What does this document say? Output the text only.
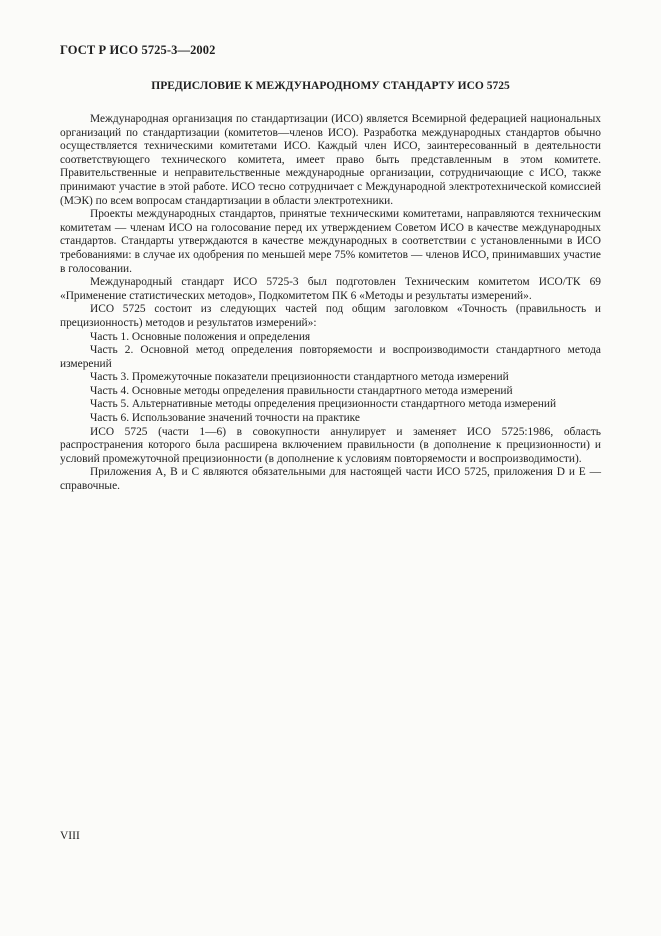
ГОСТ Р ИСО 5725-3—2002
ПРЕДИСЛОВИЕ К МЕЖДУНАРОДНОМУ СТАНДАРТУ ИСО 5725

Международная организация по стандартизации (ИСО) является Всемирной федерацией национальных организаций по стандартизации (комитетов—членов ИСО). Разработка международных стандартов обычно осуществляется техническими комитетами ИСО. Каждый член ИСО, заинтересованный в деятельности соответствующего технического комитета, имеет право быть представленным в этом комитете. Правительственные и неправительственные международные организации, сотрудничающие с ИСО, также принимают участие в этой работе. ИСО тесно сотрудничает с Международной электротехнической комиссией (МЭК) по всем вопросам стандартизации в области электротехники.

Проекты международных стандартов, принятые техническими комитетами, направляются техническим комитетам — членам ИСО на голосование перед их утверждением Советом ИСО в качестве международных стандартов. Стандарты утверждаются в качестве международных в соответствии с установленными в ИСО требованиями: в случае их одобрения по меньшей мере 75% комитетов — членов ИСО, принимавших участие в голосовании.

Международный стандарт ИСО 5725-3 был подготовлен Техническим комитетом ИСО/ТК 69 «Применение статистических методов», Подкомитетом ПК 6 «Методы и результаты измерений».

ИСО 5725 состоит из следующих частей под общим заголовком «Точность (правильность и прецизионность) методов и результатов измерений»:

Часть 1. Основные положения и определения

Часть 2. Основной метод определения повторяемости и воспроизводимости стандартного метода измерений

Часть 3. Промежуточные показатели прецизионности стандартного метода измерений

Часть 4. Основные методы определения правильности стандартного метода измерений

Часть 5. Альтернативные методы определения прецизионности стандартного метода измерений

Часть 6. Использование значений точности на практике

ИСО 5725 (части 1—6) в совокупности аннулирует и заменяет ИСО 5725:1986, область распространения которого была расширена включением правильности (в дополнение к прецизионности) и условий промежуточной прецизионности (в дополнение к условиям повторяемости и воспроизводимости).

Приложения А, В и С являются обязательными для настоящей части ИСО 5725, приложения D и Е — справочные.

VIII
